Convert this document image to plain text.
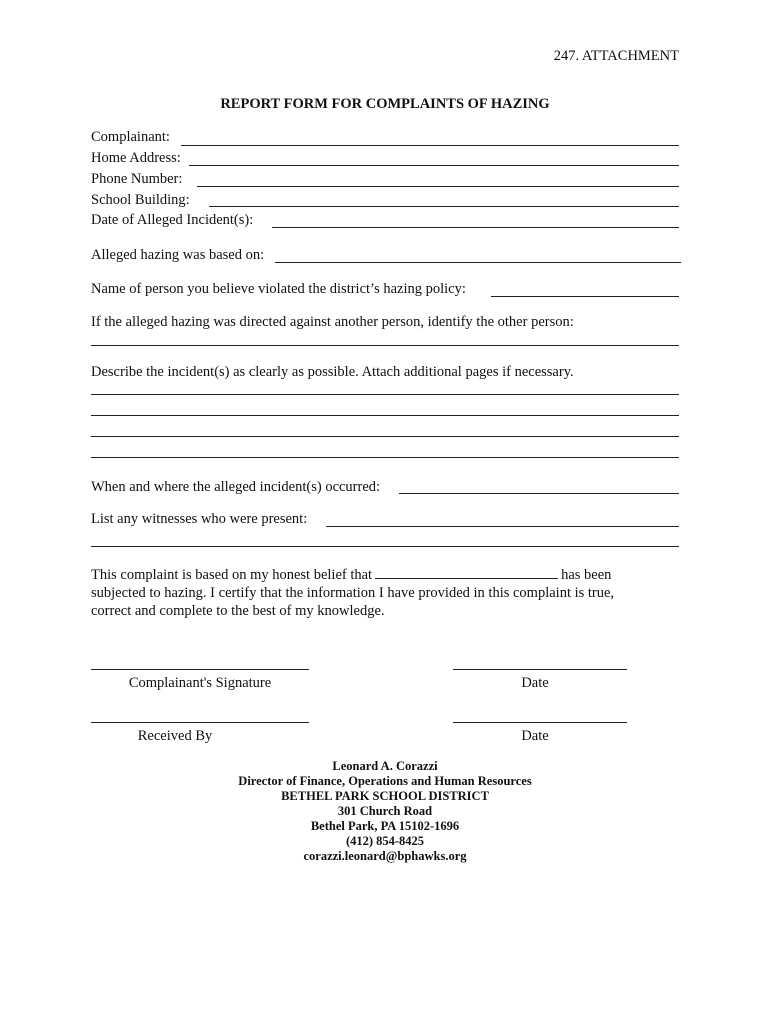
247. ATTACHMENT
REPORT FORM FOR COMPLAINTS OF HAZING
Complainant:
Home Address:
Phone Number:
School Building:
Date of Alleged Incident(s):
Alleged hazing was based on:
Name of person you believe violated the district’s hazing policy:
If the alleged hazing was directed against another person, identify the other person:
Describe the incident(s) as clearly as possible. Attach additional pages if necessary.
When and where the alleged incident(s) occurred:
List any witnesses who were present:
This complaint is based on my honest belief that	has been subjected to hazing. I certify that the information I have provided in this complaint is true, correct and complete to the best of my knowledge.
Complainant's Signature	Date
Received By	Date
Leonard A. Corazzi
Director of Finance, Operations and Human Resources
BETHEL PARK SCHOOL DISTRICT
301 Church Road
Bethel Park, PA 15102-1696
(412) 854-8425
corazzi.leonard@bphawks.org
